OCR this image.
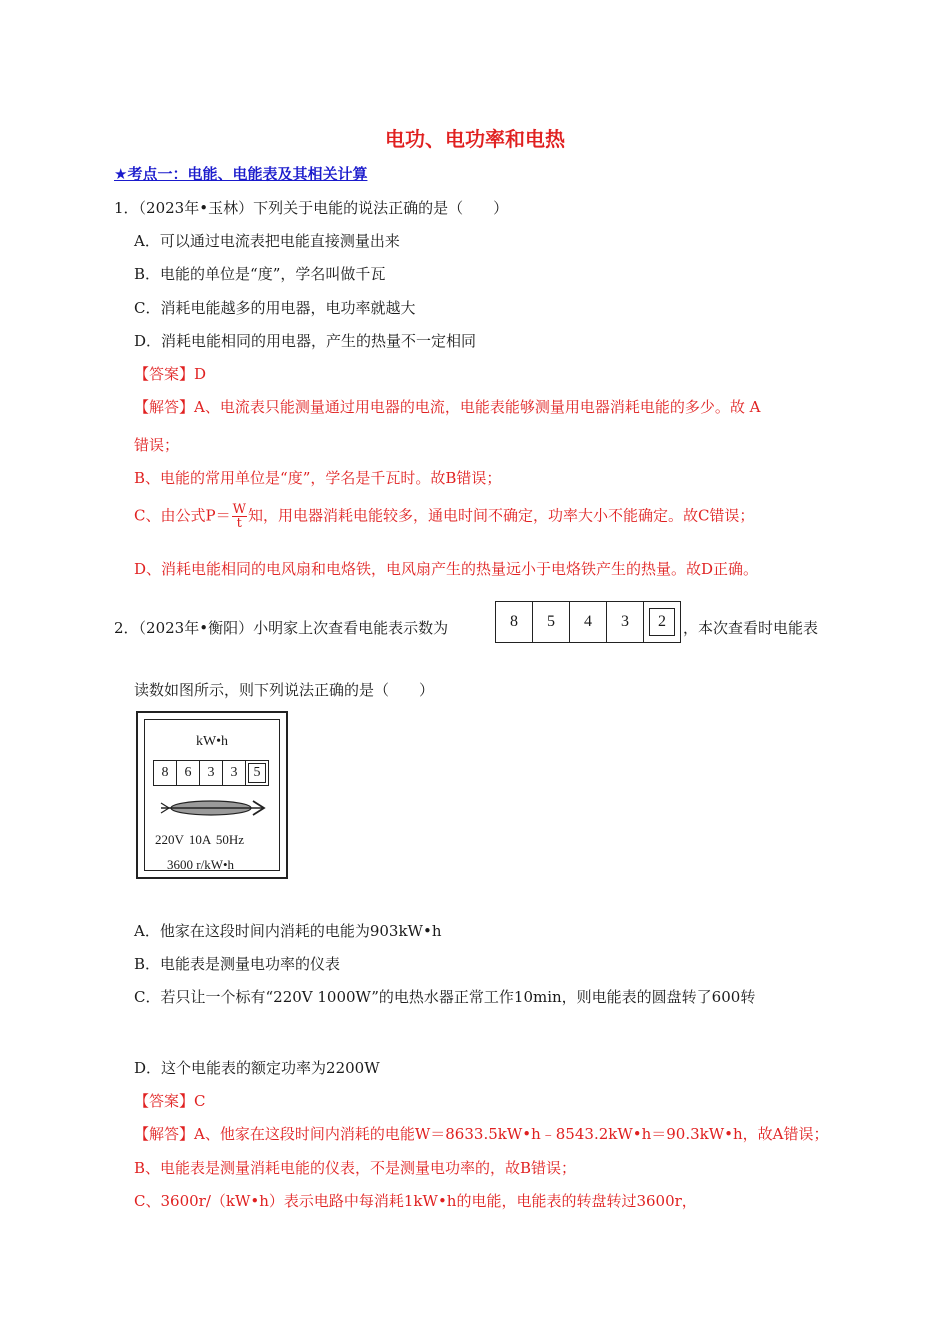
电功、电功率和电热
★考点一：电能、电能表及其相关计算
1．（2023年•玉林）下列关于电能的说法正确的是（　　）
A．可以通过电流表把电能直接测量出来
B．电能的单位是“度”，学名叫做千瓦
C．消耗电能越多的用电器，电功率就越大
D．消耗电能相同的用电器，产生的热量不一定相同
【答案】D
【解答】A、电流表只能测量通过用电器的电流，电能表能够测量用电器消耗电能的多少。故 A
错误；
B、电能的常用单位是“度”，学名是千瓦时。故B错误；
C、由公式$P= \frac{W}{t}$ 知，用电器消耗电能较多，通电时间不确定，功率大小不能确定。故C错误；
D、消耗电能相同的电风扇和电烙铁，电风扇产生的热量远小于电烙铁产生的热量。故D正确。
2．（2023年•衡阳）小明家上次查看电能表示数为	8	5	4	3	2	，本次查看时电能表
读数如图所示，则下列说法正确的是（　　）
kW•h
8	6	3	3	5
220V 10A 50Hz
3600 r/kW•h
A．他家在这段时间内消耗的电能为903kW•h
B．电能表是测量电功率的仪表
C．若只让一个标有“220V 1000W”的电热水器正常工作10min，则电能表的圆盘转了600转
D．这个电能表的额定功率为2200W
【答案】C
【解答】A、他家在这段时间内消耗的电能W＝8633.5kW•h﹣8543.2kW•h＝90.3kW•h，故A错误；
B、电能表是测量消耗电能的仪表，不是测量电功率的，故B错误；
C、3600r/（kW•h）表示电路中每消耗1kW•h的电能，电能表的转盘转过3600r，
